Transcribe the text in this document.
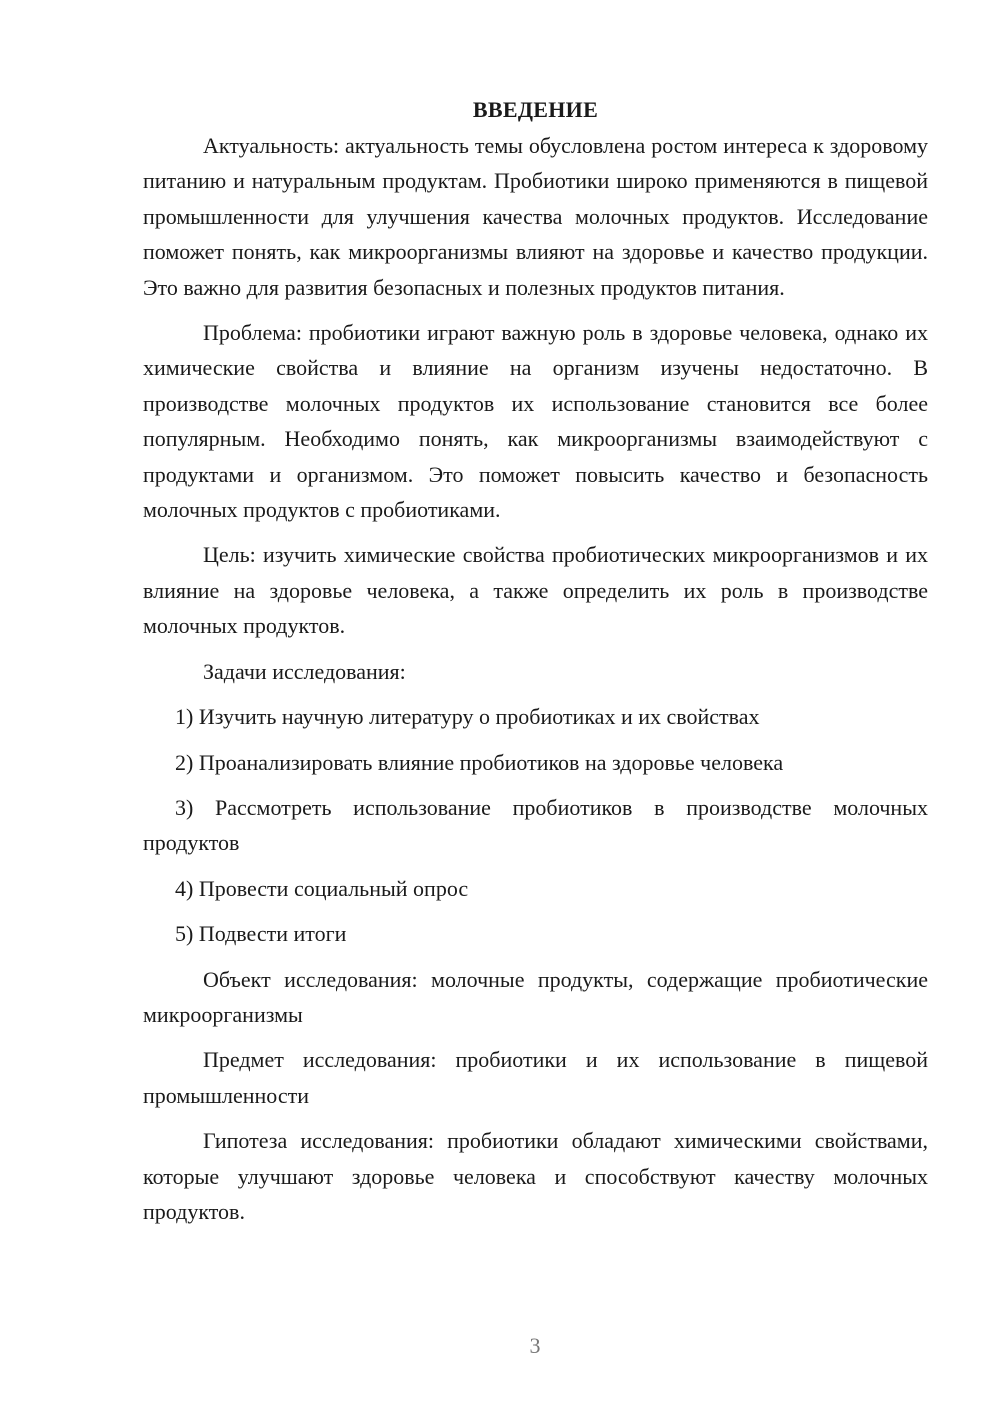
ВВЕДЕНИЕ

Актуальность: актуальность темы обусловлена ростом интереса к здоровому питанию и натуральным продуктам. Пробиотики широко применяются в пищевой промышленности для улучшения качества молочных продуктов. Исследование поможет понять, как микроорганизмы влияют на здоровье и качество продукции. Это важно для развития безопасных и полезных продуктов питания.

Проблема: пробиотики играют важную роль в здоровье человека, однако их химические свойства и влияние на организм изучены недостаточно. В производстве молочных продуктов их использование становится все более популярным. Необходимо понять, как микроорганизмы взаимодействуют с продуктами и организмом. Это поможет повысить качество и безопасность молочных продуктов с пробиотиками.

Цель: изучить химические свойства пробиотических микроорганизмов и их влияние на здоровье человека, а также определить их роль в производстве молочных продуктов.

Задачи исследования:

1) Изучить научную литературу о пробиотиках и их свойствах

2) Проанализировать влияние пробиотиков на здоровье человека

3) Рассмотреть использование пробиотиков в производстве молочных продуктов

4) Провести социальный опрос

5) Подвести итоги

Объект исследования: молочные продукты, содержащие пробиотические микроорганизмы

Предмет исследования: пробиотики и их использование в пищевой промышленности

Гипотеза исследования: пробиотики обладают химическими свойствами, которые улучшают здоровье человека и способствуют качеству молочных продуктов.

3
